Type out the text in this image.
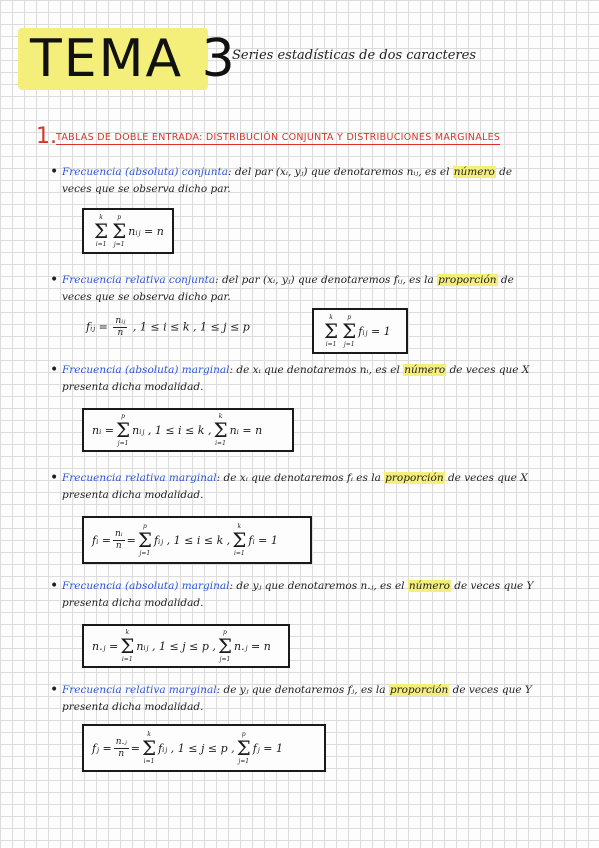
TEMA 3
Series estadísticas de dos caracteres
1. TABLAS DE DOBLE ENTRADA: DISTRIBUCIÓN CONJUNTA Y DISTRIBUCIONES MARGINALES
• Frecuencia (absoluta) conjunta: del par (xᵢ, yⱼ) que denotaremos nᵢⱼ, es el número de veces que se observa dicho par.
k
Σ
i=1
p
Σ
j=1
nᵢⱼ = n
• Frecuencia relativa conjunta: del par (xᵢ, yⱼ) que denotaremos fᵢⱼ, es la proporción de veces que se observa dicho par.
fᵢⱼ = $\frac{\text{nᵢⱼ}}{n}$ , 1 ≤ i ≤ k , 1 ≤ j ≤ p
k
Σ
i=1
p
Σ
j=1
fᵢⱼ = 1
• Frecuencia (absoluta) marginal: de xᵢ que denotaremos nᵢ, es el número de veces que X presenta dicha modalidad.
nᵢ =
p
Σ
j=1
nᵢⱼ , 1 ≤ i ≤ k ,
k
Σ
i=1
nᵢ = n
• Frecuencia relativa marginal: de xᵢ que denotaremos fᵢ es la proporción de veces que X presenta dicha modalidad.
fᵢ = $\frac{\text{nᵢ}}{n}$ =
p
Σ
j=1
fᵢⱼ , 1 ≤ i ≤ k ,
k
Σ
i=1
fᵢ = 1
• Frecuencia (absoluta) marginal: de yⱼ que denotaremos n.ⱼ, es el número de veces que Y presenta dicha modalidad.
n.ⱼ =
k
Σ
i=1
nᵢⱼ , 1 ≤ j ≤ p ,
p
Σ
j=1
n.ⱼ = n
• Frecuencia relativa marginal: de yⱼ que denotaremos fⱼ, es la proporción de veces que Y presenta dicha modalidad.
fⱼ = $\frac{\text{n.ⱼ}}{n}$ =
k
Σ
i=1
fᵢⱼ , 1 ≤ j ≤ p ,
p
Σ
j=1
fⱼ = 1
